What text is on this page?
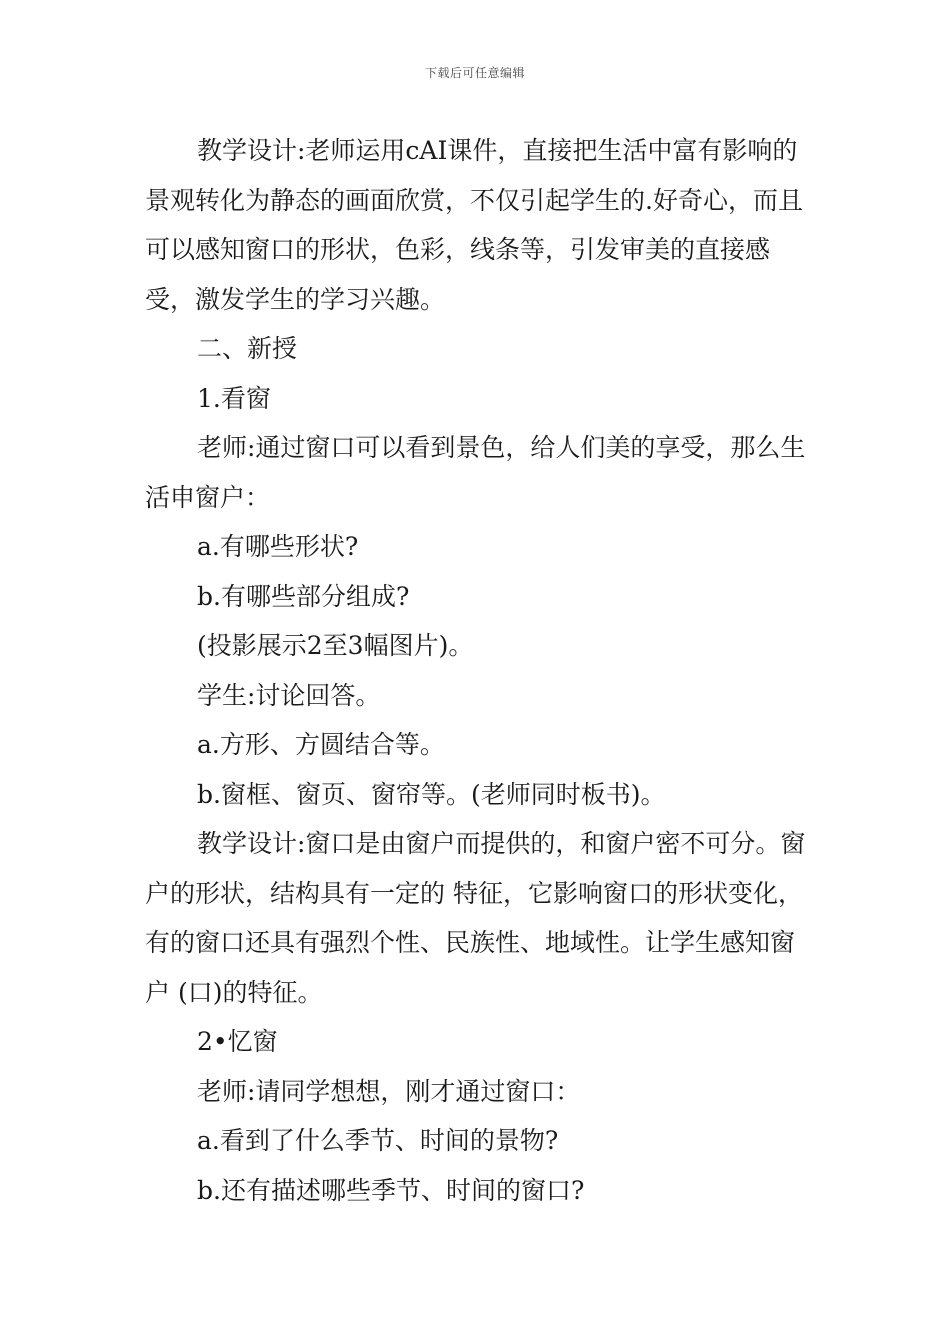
下载后可任意编辑

教学设计:老师运用cAI课件，直接把生活中富有影响的景观转化为静态的画面欣赏，不仅引起学生的.好奇心，而且可以感知窗口的形状，色彩，线条等，引发审美的直接感受，激发学生的学习兴趣。

二、新授

1.看窗

老师:通过窗口可以看到景色，给人们美的享受，那么生活申窗户：

a.有哪些形状?

b.有哪些部分组成?

(投影展示2至3幅图片)。

学生:讨论回答。

a.方形、方圆结合等。

b.窗框、窗页、窗帘等。(老师同时板书)。

教学设计:窗口是由窗户而提供的，和窗户密不可分。窗户的形状，结构具有一定的 特征，它影响窗口的形状变化，有的窗口还具有强烈个性、民族性、地域性。让学生感知窗户 (口)的特征。

2•忆窗

老师:请同学想想，刚才通过窗口：

a.看到了什么季节、时间的景物?

b.还有描述哪些季节、时间的窗口?
